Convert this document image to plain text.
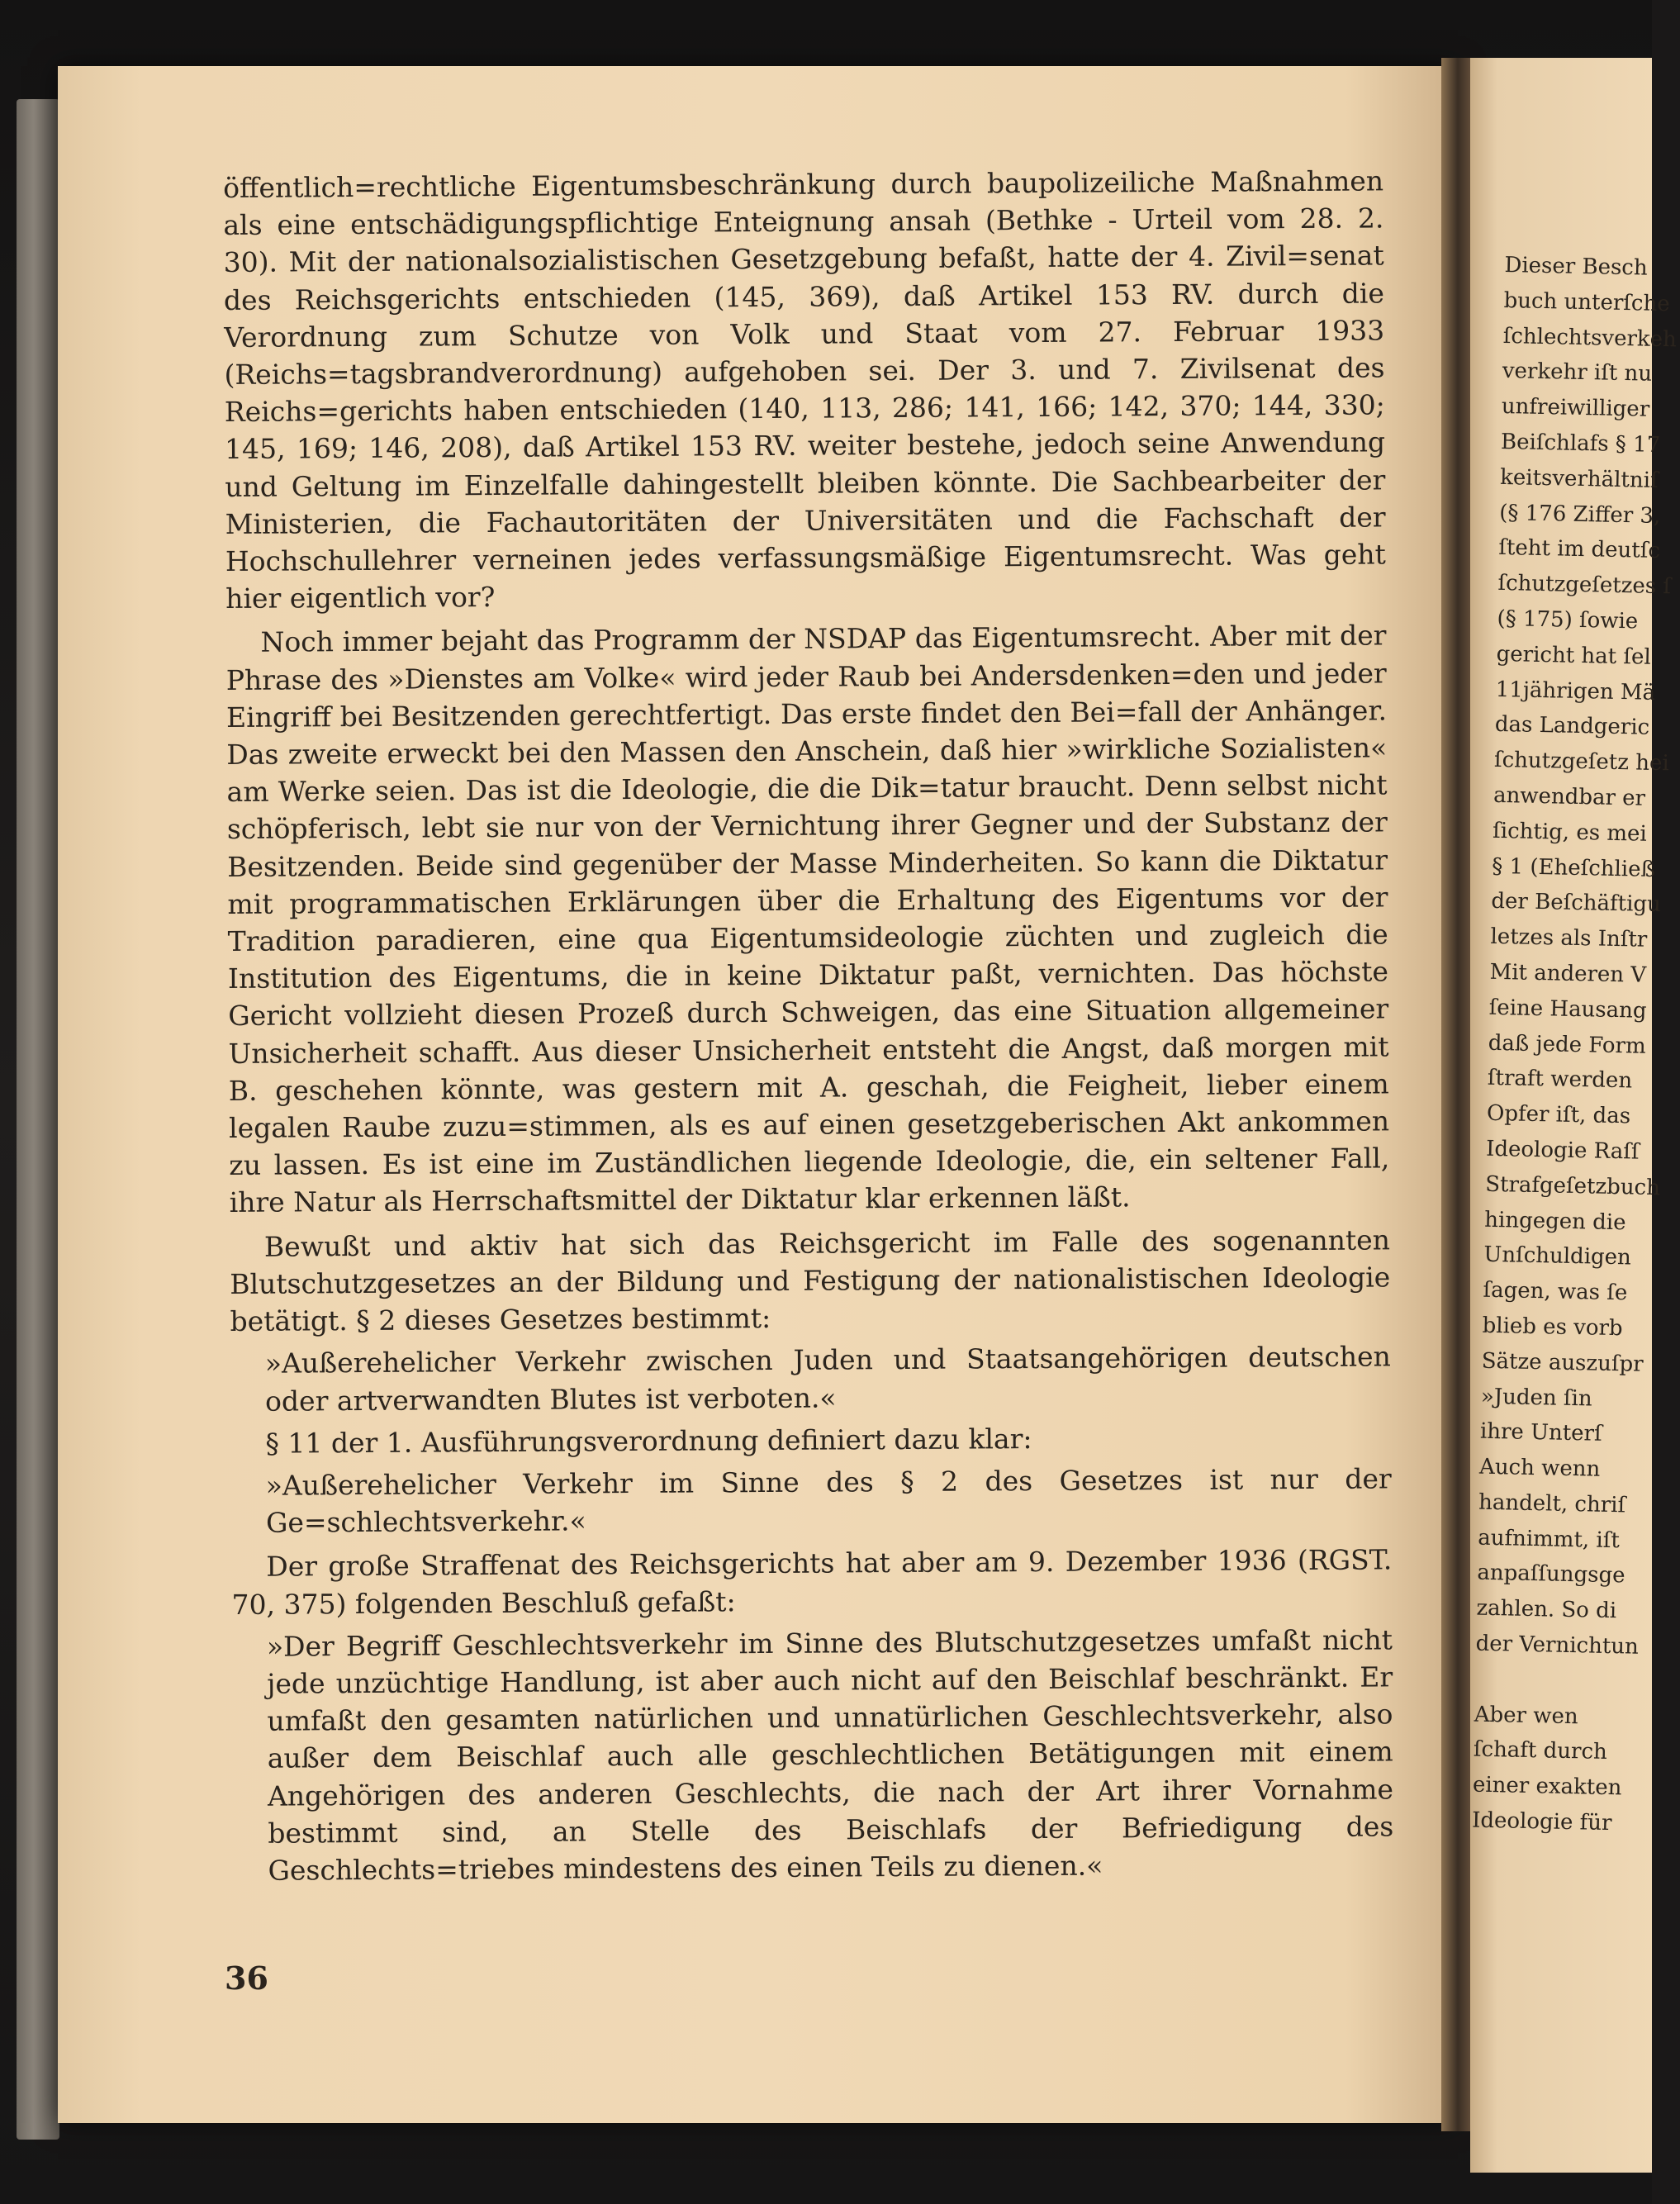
öffentlich=rechtliche Eigentumsbeschränkung durch baupolizeiliche Maßnahmen als eine entschädigungspflichtige Enteignung ansah (Bethke - Urteil vom 28. 2. 30). Mit der nationalsozialistischen Gesetzgebung befaßt, hatte der 4. Zivil=senat des Reichsgerichts entschieden (145, 369), daß Artikel 153 RV. durch die Verordnung zum Schutze von Volk und Staat vom 27. Februar 1933 (Reichs=tagsbrandverordnung) aufgehoben sei. Der 3. und 7. Zivilsenat des Reichs=gerichts haben entschieden (140, 113, 286; 141, 166; 142, 370; 144, 330; 145, 169; 146, 208), daß Artikel 153 RV. weiter bestehe, jedoch seine Anwendung und Geltung im Einzelfalle dahingestellt bleiben könnte. Die Sachbearbeiter der Ministerien, die Fachautoritäten der Universitäten und die Fachschaft der Hochschullehrer verneinen jedes verfassungsmäßige Eigentumsrecht. Was geht hier eigentlich vor?

Noch immer bejaht das Programm der NSDAP das Eigentumsrecht. Aber mit der Phrase des »Dienstes am Volke« wird jeder Raub bei Andersdenken=den und jeder Eingriff bei Besitzenden gerechtfertigt. Das erste findet den Bei=fall der Anhänger. Das zweite erweckt bei den Massen den Anschein, daß hier »wirkliche Sozialisten« am Werke seien. Das ist die Ideologie, die die Dik=tatur braucht. Denn selbst nicht schöpferisch, lebt sie nur von der Vernichtung ihrer Gegner und der Substanz der Besitzenden. Beide sind gegenüber der Masse Minderheiten. So kann die Diktatur mit programmatischen Erklärungen über die Erhaltung des Eigentums vor der Tradition paradieren, eine qua Eigentumsideologie züchten und zugleich die Institution des Eigentums, die in keine Diktatur paßt, vernichten. Das höchste Gericht vollzieht diesen Prozeß durch Schweigen, das eine Situation allgemeiner Unsicherheit schafft. Aus dieser Unsicherheit entsteht die Angst, daß morgen mit B. geschehen könnte, was gestern mit A. geschah, die Feigheit, lieber einem legalen Raube zuzu=stimmen, als es auf einen gesetzgeberischen Akt ankommen zu lassen. Es ist eine im Zuständlichen liegende Ideologie, die, ein seltener Fall, ihre Natur als Herrschaftsmittel der Diktatur klar erkennen läßt.

Bewußt und aktiv hat sich das Reichsgericht im Falle des sogenannten Blutschutzgesetzes an der Bildung und Festigung der nationalistischen Ideologie betätigt. § 2 dieses Gesetzes bestimmt:

»Außerehelicher Verkehr zwischen Juden und Staatsangehörigen deutschen oder artverwandten Blutes ist verboten.«

§ 11 der 1. Ausführungsverordnung definiert dazu klar:

»Außerehelicher Verkehr im Sinne des § 2 des Gesetzes ist nur der Ge=schlechtsverkehr.«

Der große Straffenat des Reichsgerichts hat aber am 9. Dezember 1936 (RGST. 70, 375) folgenden Beschluß gefaßt:

»Der Begriff Geschlechtsverkehr im Sinne des Blutschutzgesetzes umfaßt nicht jede unzüchtige Handlung, ist aber auch nicht auf den Beischlaf beschränkt. Er umfaßt den gesamten natürlichen und unnatürlichen Geschlechtsverkehr, also außer dem Beischlaf auch alle geschlechtlichen Betätigungen mit einem Angehörigen des anderen Geschlechts, die nach der Art ihrer Vornahme bestimmt sind, an Stelle des Beischlafs der Befriedigung des Geschlechts=triebes mindestens des einen Teils zu dienen.«

36
Dieser Besch
buch unterſche
ſchlechtsverkeh
verkehr iſt nu
unfreiwilliger
Beiſchlafs § 17
keitsverhältniſ
(§ 176 Ziffer 3,
ſteht im deutſc
ſchutzgeſetzes ſ
(§ 175) ſowie
gericht hat ſel
11jährigen Mä
das Landgeric
ſchutzgeſetz hei
anwendbar er
ſichtig, es mei
§ 1 (Eheſchließ
der Beſchäftigu
letzes als Inſtr
Mit anderen V
ſeine Hausang
daß jede Form
ſtraft werden
Opfer iſt, das
Ideologie Raſſ
Strafgeſetzbuch
hingegen die
Unſchuldigen
ſagen, was ſe
blieb es vorb
Sätze auszuſpr
»Juden ſin
ihre Unterſ
Auch wenn
handelt, chriſ
aufnimmt, iſt
anpaſſungsge
zahlen. So di
der Vernichtun
Aber wen
ſchaft durch
einer exakten
Ideologie für
